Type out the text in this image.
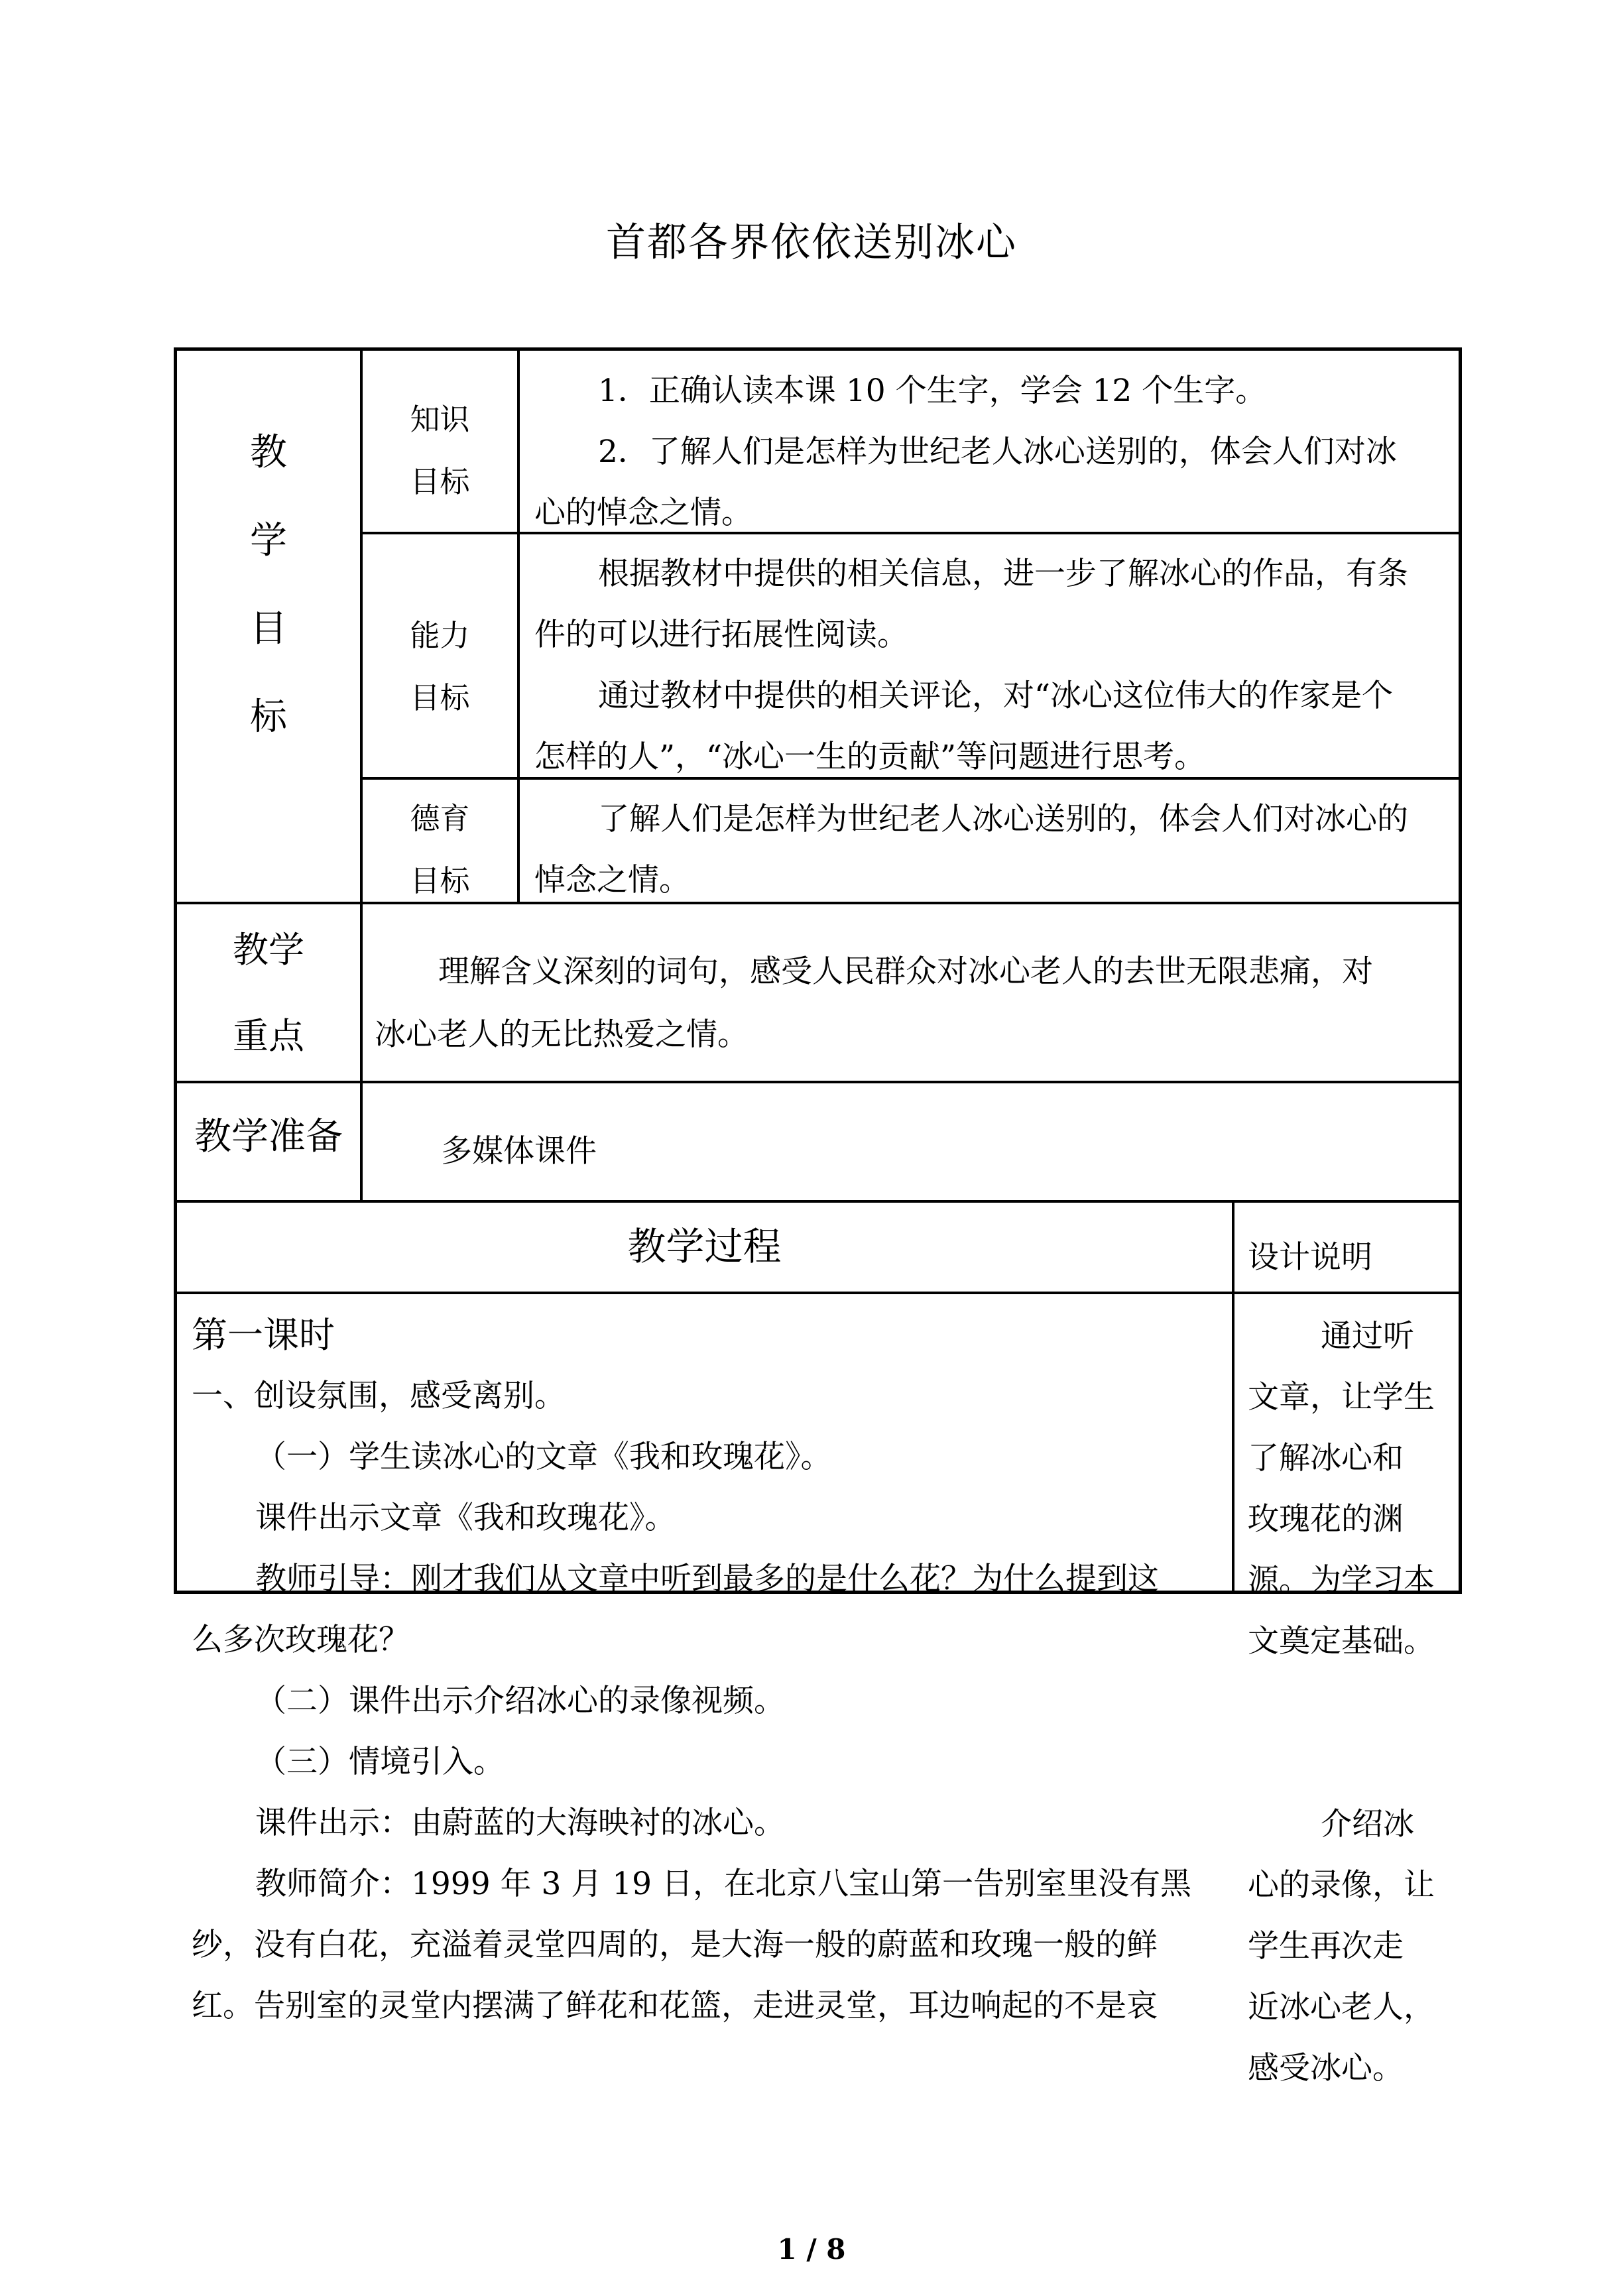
首都各界依依送别冰心
教
学
目
标
知识
目标

1．正确认读本课 10 个生字，学会 12 个生字。

2．了解人们是怎样为世纪老人冰心送别的，体会人们对冰

心的悼念之情。

能力
目标

根据教材中提供的相关信息，进一步了解冰心的作品，有条

件的可以进行拓展性阅读。

通过教材中提供的相关评论，对“冰心这位伟大的作家是个

怎样的人”，“冰心一生的贡献”等问题进行思考。

德育
目标

了解人们是怎样为世纪老人冰心送别的，体会人们对冰心的

悼念之情。

教学
重点

理解含义深刻的词句，感受人民群众对冰心老人的去世无限悲痛，对

冰心老人的无比热爱之情。

教学准备	多媒体课件
教学过程	设计说明

第一课时

一、创设氛围，感受离别。

（一）学生读冰心的文章《我和玫瑰花》。

课件出示文章《我和玫瑰花》。

教师引导：刚才我们从文章中听到最多的是什么花？为什么提到这

么多次玫瑰花？

（二）课件出示介绍冰心的录像视频。

（三）情境引入。

课件出示：由蔚蓝的大海映衬的冰心。

教师简介：1999 年 3 月 19 日，在北京八宝山第一告别室里没有黑

纱，没有白花，充溢着灵堂四周的，是大海一般的蔚蓝和玫瑰一般的鲜

红。告别室的灵堂内摆满了鲜花和花篮，走进灵堂，耳边响起的不是哀

通过听
文章，让学生
了解冰心和
玫瑰花的渊
源。为学习本
文奠定基础。
介绍冰
心的录像，让
学生再次走
近冰心老人，
感受冰心。
1 / 8
